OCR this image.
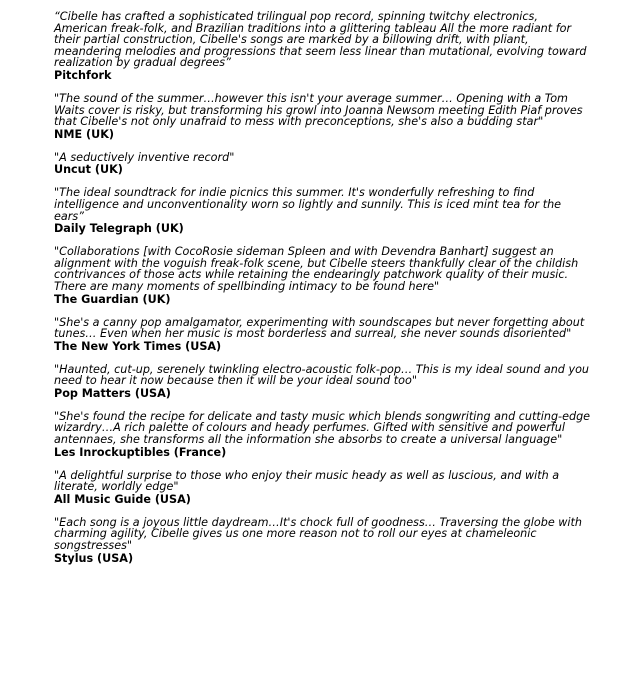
“Cibelle has crafted a sophisticated trilingual pop record, spinning twitchy electronics, American freak-folk, and Brazilian traditions into a glittering tableau All the more radiant for their partial construction, Cibelle's songs are marked by a billowing drift, with pliant, meandering melodies and progressions that seem less linear than mutational, evolving toward realization by gradual degrees”

Pitchfork

"The sound of the summer…however this isn't your average summer… Opening with a Tom Waits cover is risky, but transforming his growl into Joanna Newsom meeting Edith Piaf proves that Cibelle's not only unafraid to mess with preconceptions, she's also a budding star"

NME (UK)

"A seductively inventive record"

Uncut (UK)

"The ideal soundtrack for indie picnics this summer. It's wonderfully refreshing to find intelligence and unconventionality worn so lightly and sunnily. This is iced mint tea for the ears”

Daily Telegraph (UK)

"Collaborations [with CocoRosie sideman Spleen and with Devendra Banhart] suggest an alignment with the voguish freak-folk scene, but Cibelle steers thankfully clear of the childish contrivances of those acts while retaining the endearingly patchwork quality of their music. There are many moments of spellbinding intimacy to be found here"

The Guardian (UK)

"She's a canny pop amalgamator, experimenting with soundscapes but never forgetting about tunes… Even when her music is most borderless and surreal, she never sounds disoriented"

The New York Times (USA)

"Haunted, cut-up, serenely twinkling electro-acoustic folk-pop… This is my ideal sound and you need to hear it now because then it will be your ideal sound too"

Pop Matters (USA)

"She's found the recipe for delicate and tasty music which blends songwriting and cutting-edge wizardry…A rich palette of colours and heady perfumes. Gifted with sensitive and powerful antennaes, she transforms all the information she absorbs to create a universal language"

Les Inrockuptibles (France)

"A delightful surprise to those who enjoy their music heady as well as luscious, and with a literate, worldly edge"

All Music Guide (USA)

"Each song is a joyous little daydream…It's chock full of goodness… Traversing the globe with charming agility, Cibelle gives us one more reason not to roll our eyes at chameleonic songstresses"

Stylus (USA)
